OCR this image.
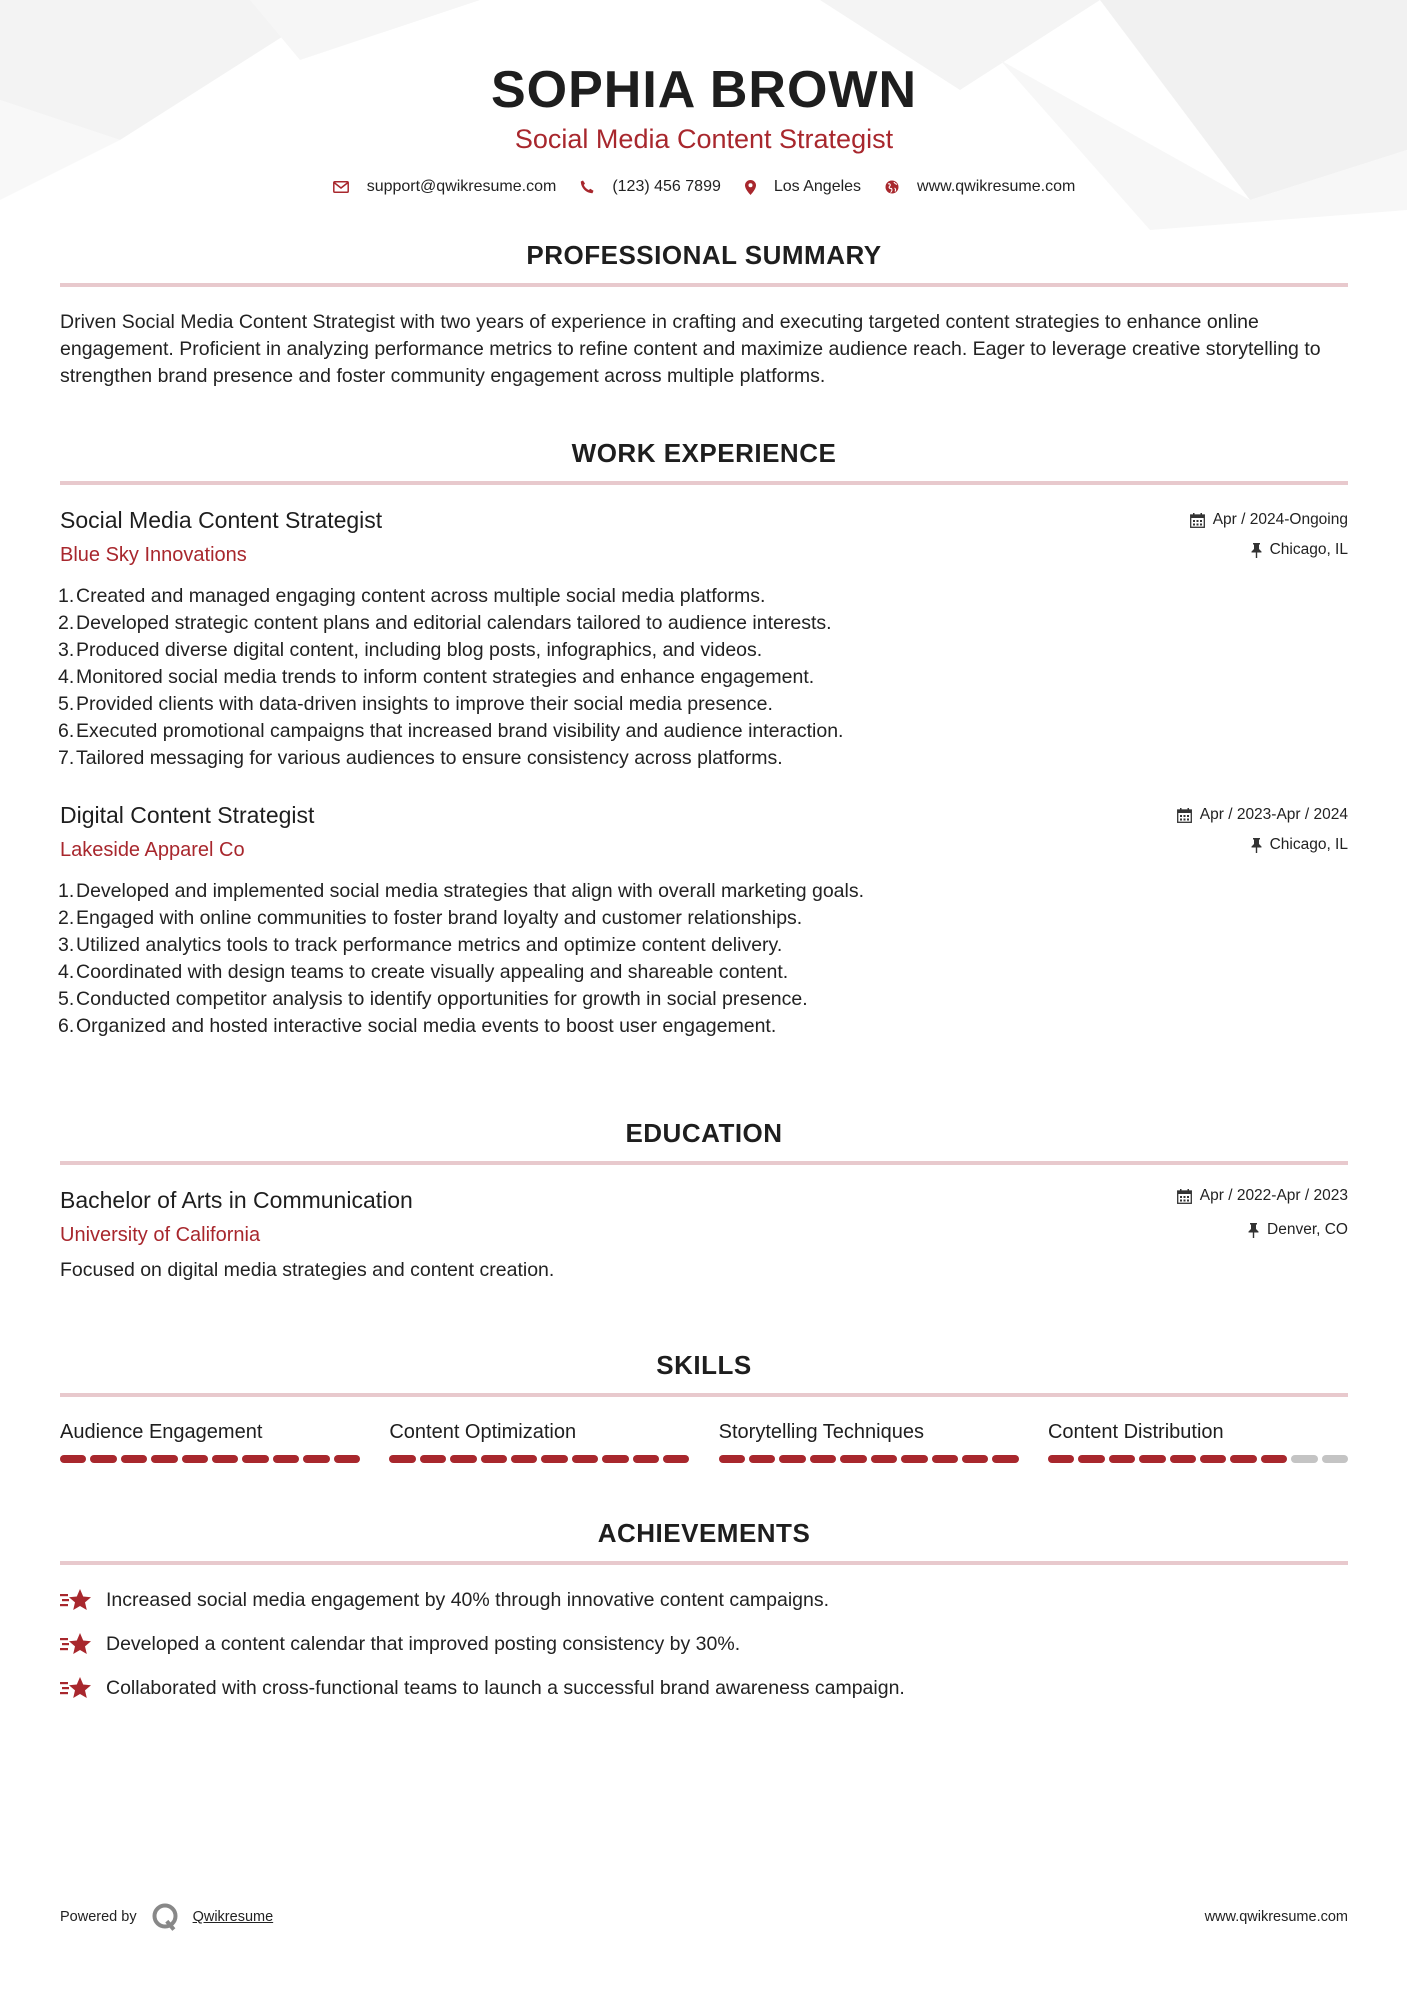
SOPHIA BROWN
Social Media Content Strategist
support@qwikresume.com	(123) 456 7899	Los Angeles	www.qwikresume.com
PROFESSIONAL SUMMARY
Driven Social Media Content Strategist with two years of experience in crafting and executing targeted content strategies to enhance online engagement. Proficient in analyzing performance metrics to refine content and maximize audience reach. Eager to leverage creative storytelling to strengthen brand presence and foster community engagement across multiple platforms.
WORK EXPERIENCE
Social Media Content Strategist
Blue Sky Innovations
Apr / 2024-Ongoing
Chicago, IL
1. Created and managed engaging content across multiple social media platforms.
2. Developed strategic content plans and editorial calendars tailored to audience interests.
3. Produced diverse digital content, including blog posts, infographics, and videos.
4. Monitored social media trends to inform content strategies and enhance engagement.
5. Provided clients with data-driven insights to improve their social media presence.
6. Executed promotional campaigns that increased brand visibility and audience interaction.
7. Tailored messaging for various audiences to ensure consistency across platforms.
Digital Content Strategist
Lakeside Apparel Co
Apr / 2023-Apr / 2024
Chicago, IL
1. Developed and implemented social media strategies that align with overall marketing goals.
2. Engaged with online communities to foster brand loyalty and customer relationships.
3. Utilized analytics tools to track performance metrics and optimize content delivery.
4. Coordinated with design teams to create visually appealing and shareable content.
5. Conducted competitor analysis to identify opportunities for growth in social presence.
6. Organized and hosted interactive social media events to boost user engagement.
EDUCATION
Bachelor of Arts in Communication
University of California
Apr / 2022-Apr / 2023
Denver, CO
Focused on digital media strategies and content creation.
SKILLS
Audience Engagement	Content Optimization	Storytelling Techniques	Content Distribution
ACHIEVEMENTS
Increased social media engagement by 40% through innovative content campaigns.
Developed a content calendar that improved posting consistency by 30%.
Collaborated with cross-functional teams to launch a successful brand awareness campaign.
Powered by	Qwikresume	www.qwikresume.com
